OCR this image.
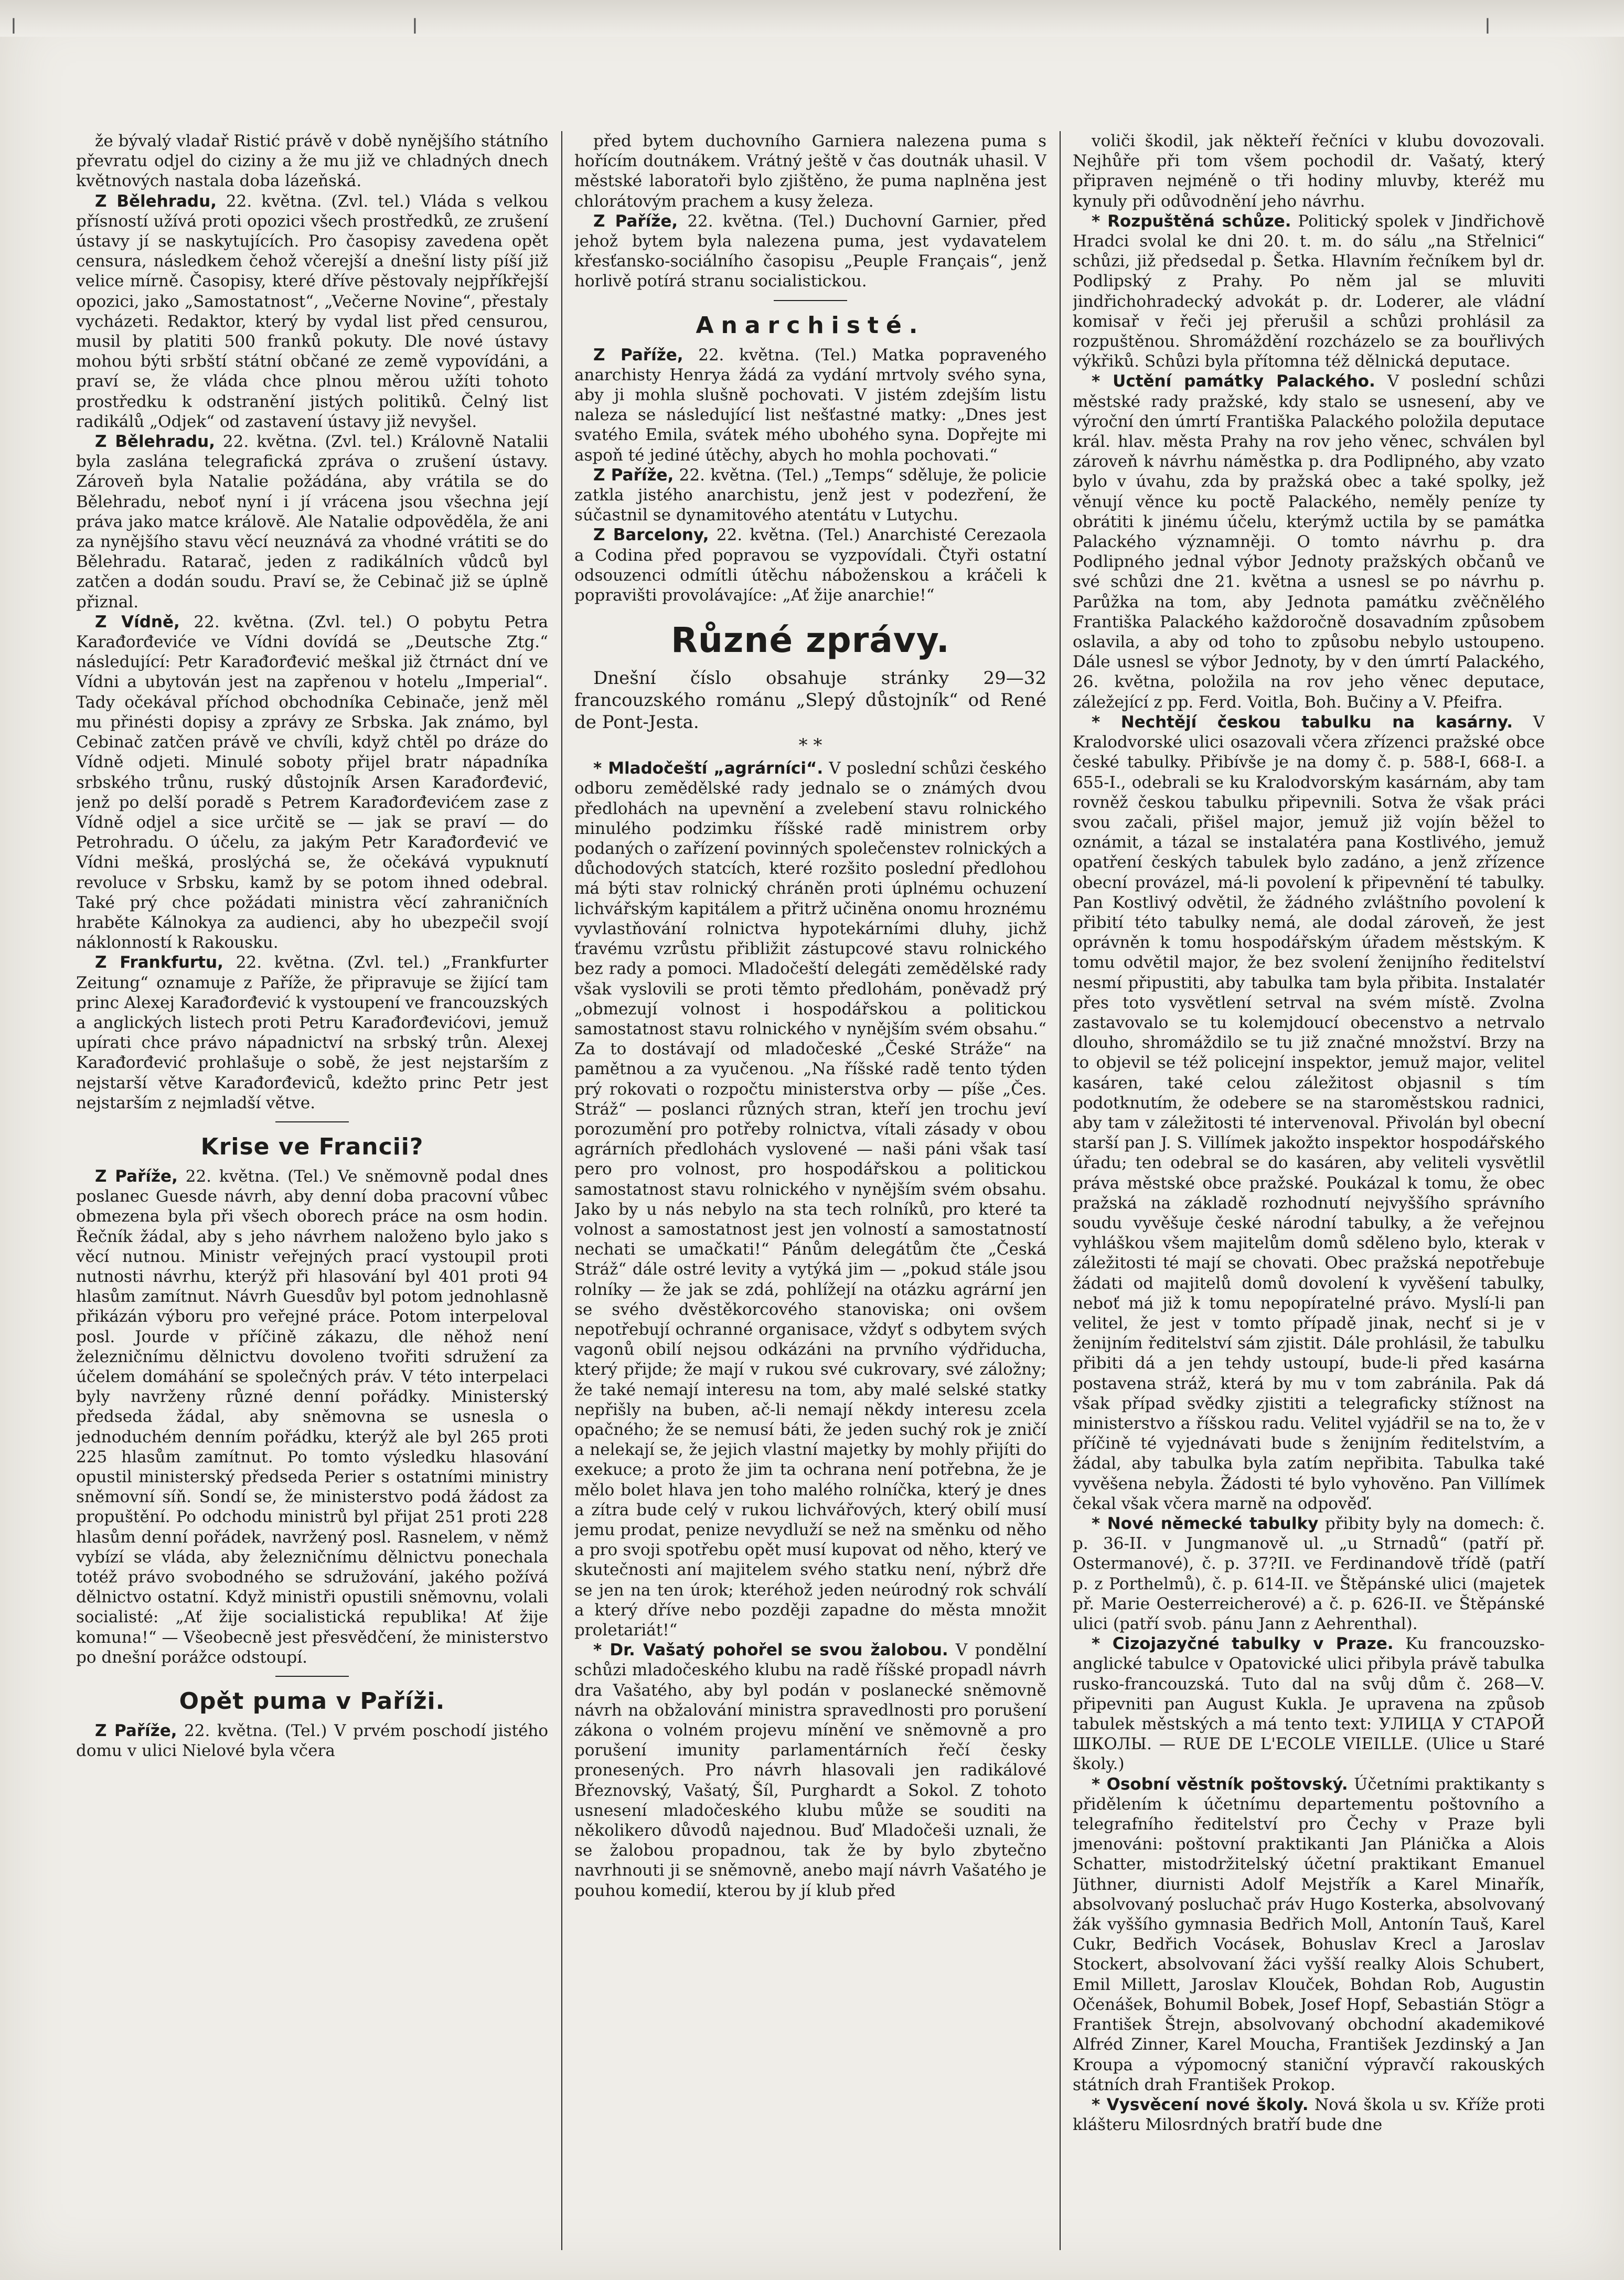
ǀ	ǀ	ǀ

že bývalý vladař Ristić právě v době nynějšího státního převratu odjel do ciziny a že mu již ve chladných dnech květnových nastala doba lázeňská.

Z Bělehradu, 22. května. (Zvl. tel.) Vláda s velkou přísností užívá proti opozici všech prostředků, ze zrušení ústavy jí se naskytujících. Pro časopisy zavedena opět censura, následkem čehož včerejší a dnešní listy píší již velice mírně. Časopisy, které dříve pěstovaly nejpříkřejší opozici, jako „Samostatnost“, „Večerne Novine“, přestaly vycházeti. Redaktor, který by vydal list před censurou, musil by platiti 500 franků pokuty. Dle nové ústavy mohou býti srbští státní občané ze země vypovídáni, a praví se, že vláda chce plnou měrou užíti tohoto prostředku k odstranění jistých politiků. Čelný list radikálů „Odjek“ od zastavení ústavy již nevyšel.

Z Bělehradu, 22. května. (Zvl. tel.) Královně Natalii byla zaslána telegrafická zpráva o zrušení ústavy. Zároveň byla Natalie požádána, aby vrátila se do Bělehradu, neboť nyní i jí vrácena jsou všechna její práva jako matce královĕ. Ale Natalie odpověděla, že ani za nynějšího stavu věcí neuznává za vhodné vrátiti se do Bělehradu. Ratarač, jeden z radikálních vůdců byl zatčen a dodán soudu. Praví se, že Cebinač již se úplně přiznal.

Z Vídně, 22. května. (Zvl. tel.) O pobytu Petra Karađorđeviće ve Vídni dovídá se „Deutsche Ztg.“ následující: Petr Karađorđević meškal již čtrnáct dní ve Vídni a ubytován jest na zapřenou v hotelu „Imperial“. Tady očekával příchod obchodníka Cebinače, jenž měl mu přinésti dopisy a zprávy ze Srbska. Jak známo, byl Cebinač zatčen právě ve chvíli, když chtěl po dráze do Vídně odjeti. Minulé soboty přijel bratr nápadníka srbského trůnu, ruský důstojník Arsen Karađorđević, jenž po delší poradě s Petrem Karađorđevićem zase z Vídně odjel a sice určitě se — jak se praví — do Petrohradu. O účelu, za jakým Petr Karađorđević ve Vídni mešká, proslýchá se, že očekává vypuknutí revoluce v Srbsku, kamž by se potom ihned odebral. Také prý chce požádati ministra věcí zahraničních hraběte Kálnokya za audienci, aby ho ubezpečil svojí náklonností k Rakousku.

Z Frankfurtu, 22. května. (Zvl. tel.) „Frankfurter Zeitung“ oznamuje z Paříže, že připravuje se žijící tam princ Alexej Karađorđević k vystoupení ve francouzských a anglických listech proti Petru Karađorđevićovi, jemuž upírati chce právo nápadnictví na srbský trůn. Alexej Karađorđević prohlašuje o sobě, že jest nejstarším z nejstarší větve Karađorđeviců, kdežto princ Petr jest nejstarším z nejmladší větve.

Krise ve Francii?

Z Paříže, 22. května. (Tel.) Ve sněmovně podal dnes poslanec Guesde návrh, aby denní doba pracovní vůbec obmezena byla při všech oborech práce na osm hodin. Řečník žádal, aby s jeho návrhem naloženo bylo jako s věcí nutnou. Ministr veřejných prací vystoupil proti nutnosti návrhu, kterýž při hlasování byl 401 proti 94 hlasům zamítnut. Návrh Guesdův byl potom jednohlasně přikázán výboru pro veřejné práce. Potom interpeloval posl. Jourde v příčině zákazu, dle něhož není železničnímu dělnictvu dovoleno tvořiti sdružení za účelem domáhání se společných práv. V této interpelaci byly navrženy různé denní pořádky. Ministerský předseda žádal, aby sněmovna se usnesla o jednoduchém denním pořádku, kterýž ale byl 265 proti 225 hlasům zamítnut. Po tomto výsledku hlasování opustil ministerský předseda Perier s ostatními ministry sněmovní síň. Sondí se, že ministerstvo podá žádost za propuštění. Po odchodu ministrů byl přijat 251 proti 228 hlasům denní pořádek, navržený posl. Rasnelem, v němž vybízí se vláda, aby železničnímu dělnictvu ponechala totéž právo svobodného se sdružování, jakého požívá dělnictvo ostatní. Když ministři opustili sněmovnu, volali socialisté: „Ať žije socialistická republika! Ať žije komuna!“ — Všeobecně jest přesvědčení, že ministerstvo po dnešní porážce odstoupí.

Opět puma v Paříži.

Z Paříže, 22. května. (Tel.) V prvém poschodí jistého domu v ulici Nielové byla včera

před bytem duchovního Garniera nalezena puma s hořícím doutnákem. Vrátný ještě v čas doutnák uhasil. V městské laboratoři bylo zjištěno, že puma naplněna jest chlorátovým prachem a kusy železa.

Z Paříže, 22. května. (Tel.) Duchovní Garnier, před jehož bytem byla nalezena puma, jest vydavatelem křesťansko-sociálního časopisu „Peuple Français“, jenž horlivě potírá stranu socialistickou.

Anarchisté.

Z Paříže, 22. května. (Tel.) Matka popraveného anarchisty Henrya žádá za vydání mrtvoly svého syna, aby ji mohla slušně pochovati. V jistém zdejším listu naleza se následující list nešťastné matky: „Dnes jest svatého Emila, svátek mého ubohého syna. Dopřejte mi aspoň té jediné útěchy, abych ho mohla pochovati.“

Z Paříže, 22. května. (Tel.) „Temps“ sděluje, že policie zatkla jistého anarchistu, jenž jest v podezření, že súčastnil se dynamitového atentátu v Lutychu.

Z Barcelony, 22. května. (Tel.) Anarchisté Cerezaola a Codina před popravou se vyzpovídali. Čtyři ostatní odsouzenci odmítli útěchu náboženskou a kráčeli k popravišti provolávajíce: „Ať žije anarchie!“

Různé zprávy.

Dnešní číslo obsahuje stránky 29—32 francouzského románu „Slepý důstojník“ od René de Pont-Jesta.

* *

* Mladočeští „agrárníci“. V poslední schůzi českého odboru zemědělské rady jednalo se o známých dvou předlohách na upevnění a zvelebení stavu rolnického minulého podzimku říšské radě ministrem orby podaných o zařízení povinných společenstev rolnických a důchodových statcích, které rozšito poslední předlohou má býti stav rolnický chráněn proti úplnému ochuzení lichvářským kapitálem a přitrž učiněna onomu hroznému vyvlastňování rolnictva hypotekárními dluhy, jichž ťravému vzrůstu přibližit zástupcové stavu rolnického bez rady a pomoci. Mladočeští delegáti zemědělské rady však vyslovili se proti těmto předlohám, poněvadž prý „obmezují volnost i hospodářskou a politickou samostatnost stavu rolnického v nynějším svém obsahu.“ Za to dostávají od mladočeské „České Stráže“ na pamětnou a za vyučenou. „Na říšské radě tento týden prý rokovati o rozpočtu ministerstva orby — píše „Čes. Stráž“ — poslanci různých stran, kteří jen trochu jeví porozumění pro potřeby rolnictva, vítali zásady v obou agrárních předlohách vyslovené — naši páni však tasí pero pro volnost, pro hospodářskou a politickou samostatnost stavu rolnického v nynějším svém obsahu. Jako by u nás nebylo na sta tech rolníků, pro které ta volnost a samostatnost jest jen volností a samostatností nechati se umačkati!“ Pánům delegátům čte „Česká Stráž“ dále ostré levity a vytýká jim — „pokud stále jsou rolníky — že jak se zdá, pohlížejí na otázku agrární jen se svého dvěstěkorcového stanoviska; oni ovšem nepotřebují ochranné organisace, vždyť s odbytem svých vagonů obilí nejsou odkázáni na prvního výdřiducha, který přijde; že mají v rukou své cukrovary, své záložny; že také nemají interesu na tom, aby malé selské statky nepřišly na buben, ač-li nemají někdy interesu zcela opačného; že se nemusí báti, že jeden suchý rok je zničí a nelekají se, že jejich vlastní majetky by mohly přijíti do exekuce; a proto že jim ta ochrana není potřebna, že je mělo bolet hlava jen toho malého rolníčka, který je dnes a zítra bude celý v rukou lichvářových, který obilí musí jemu prodat, penize nevydluží se než na směnku od něho a pro svoji spotřebu opět musí kupovat od něho, který ve skutečnosti aní majitelem svého statku není, nýbrž dře se jen na ten úrok; kteréhož jeden neúrodný rok schválí a který dříve nebo později zapadne do města množit proletariát!“

* Dr. Vašatý pohořel se svou žalobou. V pondělní schůzi mladočeského klubu na radě říšské propadl návrh dra Vašatého, aby byl podán v poslanecké sněmovně návrh na obžalování ministra spravedlnosti pro porušení zákona o volném projevu mínění ve sněmovně a pro porušení imunity parlamentárních řečí česky pronesených. Pro návrh hlasovali jen radikálové Březnovský, Vašatý, Šíl, Purghardt a Sokol. Z tohoto usnesení mladočeského klubu může se souditi na několikero důvodů najednou. Buď Mladočeši uznali, že se žalobou propadnou, tak že by bylo zbytečno navrhnouti ji se sněmovně, anebo mají návrh Vašatého je pouhou komedií, kterou by jí klub před

voliči škodil, jak někteří řečníci v klubu dovozovali. Nejhůře při tom všem pochodil dr. Vašatý, který připraven nejméně o tři hodiny mluvby, kteréž mu kynuly při odůvodnění jeho návrhu.

* Rozpuštěná schůze. Politický spolek v Jindřichově Hradci svolal ke dni 20. t. m. do sálu „na Střelnici“ schůzi, již předsedal p. Šetka. Hlavním řečníkem byl dr. Podlipský z Prahy. Po něm jal se mluviti jindřichohradecký advokát p. dr. Loderer, ale vládní komisař v řeči jej přerušil a schůzi prohlásil za rozpuštěnou. Shromáždění rozcházelo se za bouřlivých výkřiků. Schůzi byla přítomna též dělnická deputace.

* Uctění památky Palackého. V poslední schůzi městské rady pražské, kdy stalo se usnesení, aby ve výroční den úmrtí Františka Palackého položila deputace král. hlav. města Prahy na rov jeho věnec, schválen byl zároveň k návrhu náměstka p. dra Podlipného, aby vzato bylo v úvahu, zda by pražská obec a také spolky, jež věnují věnce ku poctě Palackého, neměly peníze ty obrátiti k jinému účelu, kterýmž uctila by se památka Palackého významněji. O tomto návrhu p. dra Podlipného jednal výbor Jednoty pražských občanů ve své schůzi dne 21. května a usnesl se po návrhu p. Parůžka na tom, aby Jednota památku zvěčnělého Františka Palackého každoročně dosavadním způsobem oslavila, a aby od toho to způsobu nebylo ustoupeno. Dále usnesl se výbor Jednoty, by v den úmrtí Palackého, 26. května, položila na rov jeho věnec deputace, záležející z pp. Ferd. Voitla, Boh. Bučiny a V. Pfeifra.

* Nechtějí českou tabulku na kasárny. V Kralodvorské ulici osazovali včera zřízenci pražské obce české tabulky. Přibívše je na domy č. p. 588-I, 668-I. a 655-I., odebrali se ku Kralodvorským kasárnám, aby tam rovněž českou tabulku připevnili. Sotva že však práci svou začali, přišel major, jemuž již vojín běžel to oznámit, a tázal se instalatéra pana Kostlivého, jemuž opatření českých tabulek bylo zadáno, a jenž zřízence obecní provázel, má-li povolení k připevnění té tabulky. Pan Kostlivý odvětil, že žádného zvláštního povolení k přibití této tabulky nemá, ale dodal zároveň, že jest oprávněn k tomu hospodářským úřadem městským. K tomu odvětil major, že bez svolení ženijního ředitelství nesmí připustiti, aby tabulka tam byla přibita. Instalatér přes toto vysvětlení setrval na svém místě. Zvolna zastavovalo se tu kolemjdoucí obecenstvo a netrvalo dlouho, shromáždilo se tu již značné množství. Brzy na to objevil se též policejní inspektor, jemuž major, velitel kasáren, také celou záležitost objasnil s tím podotknutím, že odebere se na staroměstskou radnici, aby tam v záležitosti té intervenoval. Přivolán byl obecní starší pan J. S. Villímek jakožto inspektor hospodářského úřadu; ten odebral se do kasáren, aby veliteli vysvětlil práva městské obce pražské. Poukázal k tomu, že obec pražská na základě rozhodnutí nejvyššího správního soudu vyvěšuje české národní tabulky, a že veřejnou vyhláškou všem majitelům domů sděleno bylo, kterak v záležitosti té mají se chovati. Obec pražská nepotřebuje žádati od majitelů domů dovolení k vyvěšení tabulky, neboť má již k tomu nepopíratelné právo. Myslí-li pan velitel, že jest v tomto případě jinak, nechť si je v ženijním ředitelství sám zjistit. Dále prohlásil, že tabulku přibiti dá a jen tehdy ustoupí, bude-li před kasárna postavena stráž, která by mu v tom zabránila. Pak dá však případ svědky zjistiti a telegraficky stížnost na ministerstvo a říšskou radu. Velitel vyjádřil se na to, že v příčině té vyjednávati bude s ženijním ředitelstvím, a žádal, aby tabulka byla zatím nepřibita. Tabulka také vyvěšena nebyla. Žádosti té bylo vyhověno. Pan Villímek čekal však včera marně na odpověď.

* Nové německé tabulky přibity byly na domech: č. p. 36-II. v Jungmanově ul. „u Strnadů“ (patří př. Ostermanové), č. p. 37?II. ve Ferdinandově třídě (patří p. z Porthelmů), č. p. 614-II. ve Štěpánské ulici (majetek př. Marie Oesterreicherové) a č. p. 626-II. ve Štěpánské ulici (patří svob. pánu Jann z Aehrenthal).

* Cizojazyčné tabulky v Praze. Ku francouzsko-anglické tabulce v Opatovické ulici přibyla právě tabulka rusko-francouzská. Tuto dal na svůj dům č. 268—V. připevniti pan August Kukla. Je upravena na způsob tabulek městských a má tento text: УЛИЦА У СТАРОЙ ШКОЛЫ. — RUE DE L'ECOLE VIEILLE. (Ulice u Staré školy.)

* Osobní věstník poštovský. Účetními praktikanty s přidělením k účetnímu departementu poštovního a telegrafního ředitelství pro Čechy v Praze byli jmenováni: poštovní praktikanti Jan Plánička a Alois Schatter, mistodržitelský účetní praktikant Emanuel Jüthner, diurnisti Adolf Mejstřík a Karel Minařík, absolvovaný posluchač práv Hugo Kosterka, absolvovaný žák vyššího gymnasia Bedřich Moll, Antonín Tauš, Karel Cukr, Bedřich Vocásek, Bohuslav Krecl a Jaroslav Stockert, absolvovaní žáci vyšší realky Alois Schubert, Emil Millett, Jaroslav Klouček, Bohdan Rob, Augustin Očenášek, Bohumil Bobek, Josef Hopf, Sebastián Stögr a František Štrejn, absolvovaný obchodní akademikové Alfréd Zinner, Karel Moucha, František Jezdinský a Jan Kroupa a výpomocný staniční výpravčí rakouských státních drah František Prokop.

* Vysvěcení nové školy. Nová škola u sv. Kříže proti klášteru Milosrdných bratří bude dne
